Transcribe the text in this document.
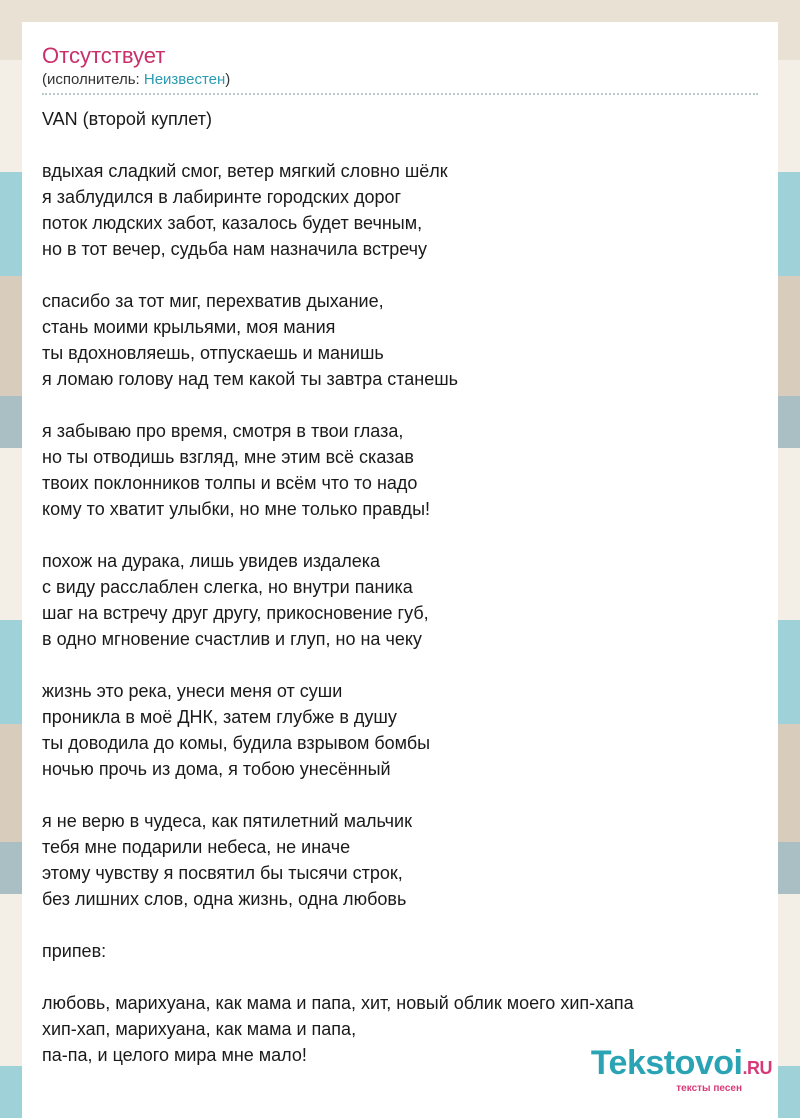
Отсутствует
(исполнитель: Неизвестен)
VAN (второй куплет)
вдыхая сладкий смог, ветер мягкий словно шёлк
я заблудился в лабиринте городских дорог
поток людских забот, казалось будет вечным,
но в тот вечер, судьба нам назначила встречу
спасибо за тот миг, перехватив дыхание,
стань моими крыльями, моя мания
ты вдохновляешь, отпускаешь и манишь
я ломаю голову над тем какой ты завтра станешь
я забываю про время, смотря в твои глаза,
но ты отводишь взгляд, мне этим всё сказав
твоих поклонников толпы и всём что то надо
кому то хватит улыбки, но мне только правды!
похож на дурака, лишь увидев издалека
с виду расслаблен слегка, но внутри паника
шаг на встречу друг другу, прикосновение губ,
в одно мгновение счастлив и глуп, но на чеку
жизнь это река, унеси меня от суши
проникла в моё ДНК, затем глубже в душу
ты доводила до комы, будила взрывом бомбы
ночью прочь из дома, я тобою унесённый
я не верю в чудеса, как пятилетний мальчик
тебя мне подарили небеса, не иначе
этому чувству я посвятил бы тысячи строк,
без лишних слов, одна жизнь, одна любовь
припев:
любовь, марихуана, как мама и папа, хит, новый облик моего хип-хапа
хип-хап, марихуана, как мама и папа,
па-па, и целого мира мне мало!	Tekstovoi.RU
тексты песен
